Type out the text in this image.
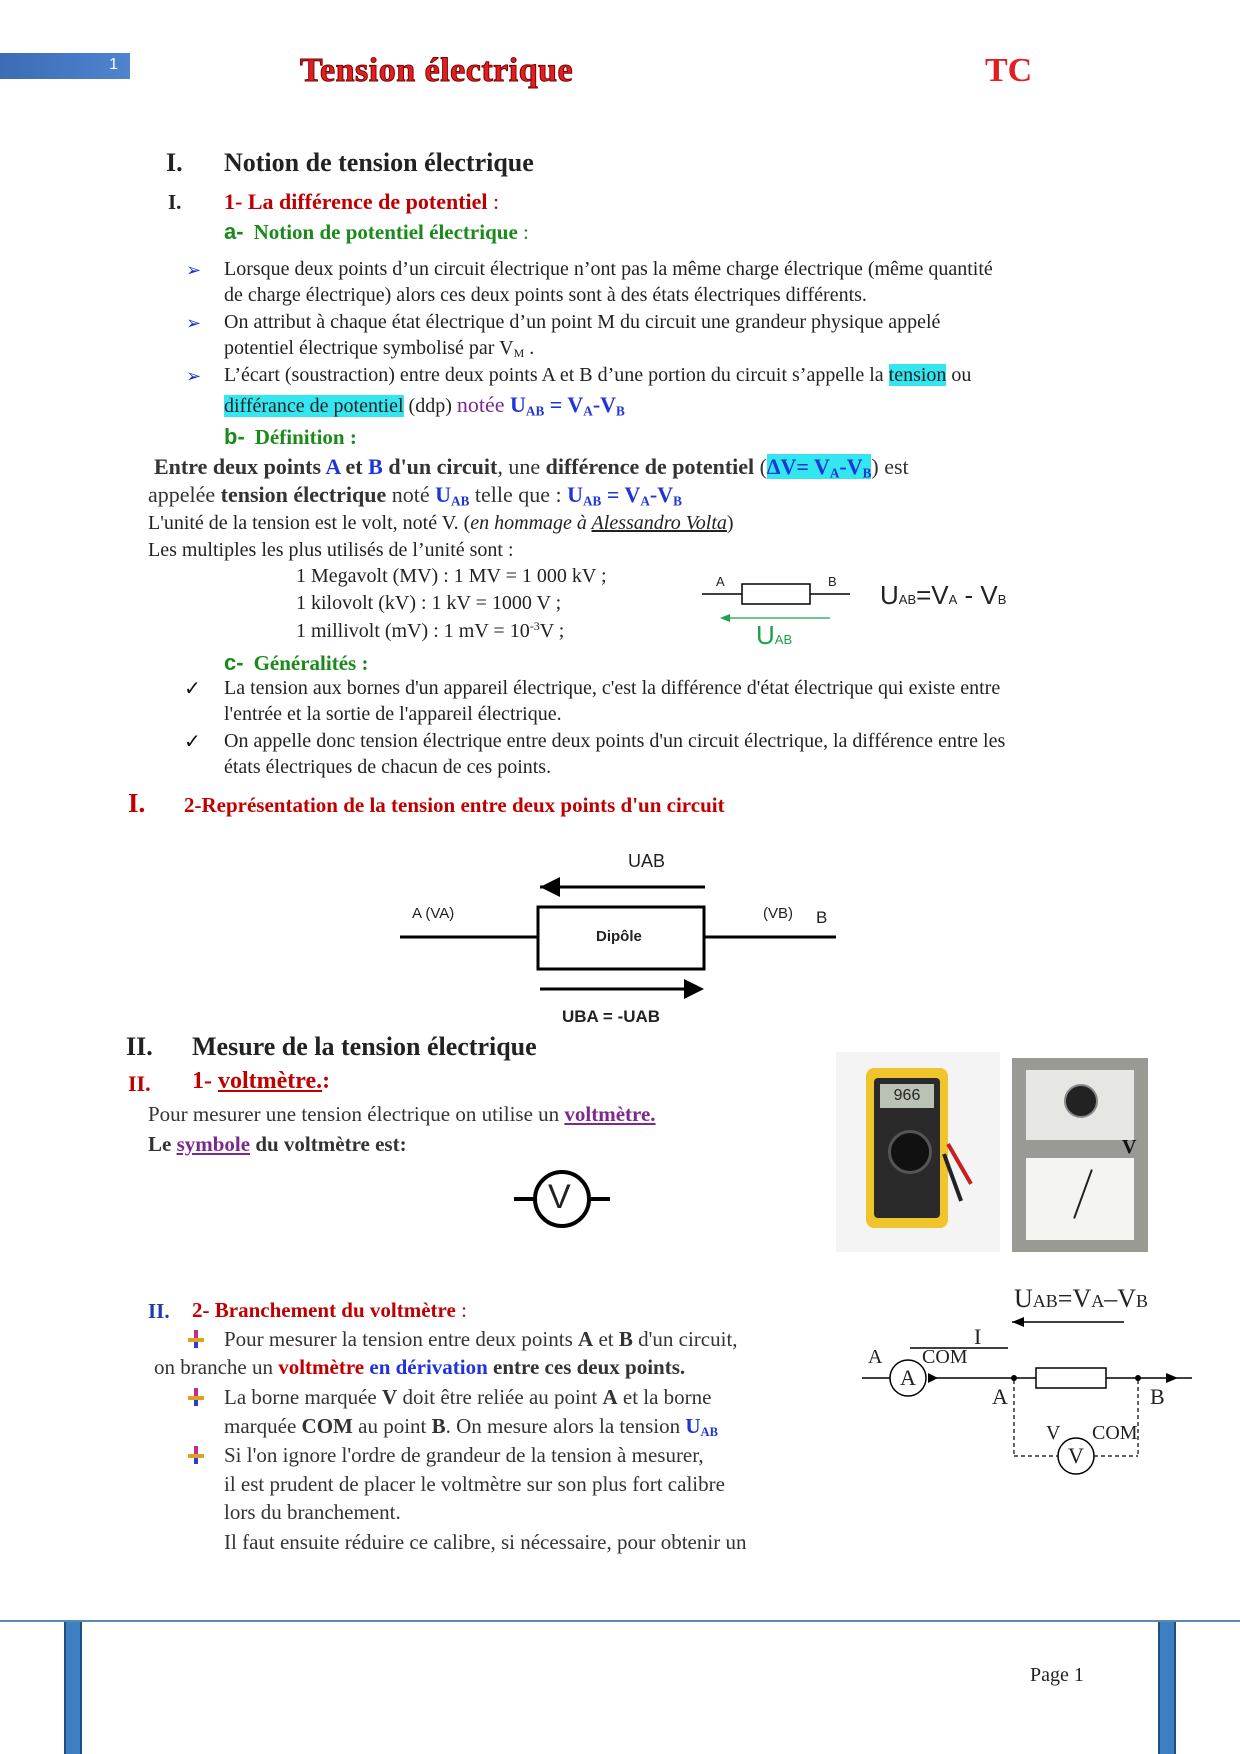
1	Tension électrique	TC
I. Notion de tension électrique
I. 1- La différence de potentiel :
a- Notion de potentiel électrique :
➢ Lorsque deux points d’un circuit électrique n’ont pas la même charge électrique (même quantité
de charge électrique) alors ces deux points sont à des états électriques différents.
➢ On attribut à chaque état électrique d’un point M du circuit une grandeur physique appelé
potentiel électrique symbolisé par $V_M$ .
➢ L’écart (soustraction) entre deux points A et B d’une portion du circuit s’appelle la tension ou
différance de potentiel (ddp) notée $U_{AB} = V_A-V_B$
b- Définition :
Entre deux points A et B d'un circuit, une différence de potentiel $(\Delta V= V_A-V_B)$ est
appelée tension électrique noté $U_{AB}$ telle que : $U_{AB} = V_A-V_B$
L'unité de la tension est le volt, noté V. (en hommage à Alessandro Volta)
Les multiples les plus utilisés de l’unité sont :
1 Megavolt (MV) : 1 MV = 1 000 kV ;
1 kilovolt (kV) : 1 kV = 1000 V ;
1 millivolt (mV) : 1 mV = $10^{-3}V$ ;
A	B
UAB
UAB=VA - VB
c- Généralités :
✓ La tension aux bornes d'un appareil électrique, c'est la différence d'état électrique qui existe entre
l'entrée et la sortie de l'appareil électrique.
✓ On appelle donc tension électrique entre deux points d'un circuit électrique, la différence entre les
états électriques de chacun de ces points.
I. 2-Représentation de la tension entre deux points d'un circuit
UAB
A (VA)	(VB) B
Dipôle
UBA = -UAB
II. Mesure de la tension électrique
II. 1- voltmètre.:
Pour mesurer une tension électrique on utilise un voltmètre.
Le symbole du voltmètre est:
V
966
V
II. 2- Branchement du voltmètre :
Pour mesurer la tension entre deux points A et B d'un circuit,
on branche un voltmètre en dérivation entre ces deux points.
La borne marquée V doit être reliée au point A et la borne
marquée COM au point B. On mesure alors la tension $U_{AB}$
Si l'on ignore l'ordre de grandeur de la tension à mesurer,
il est prudent de placer le voltmètre sur son plus fort calibre
lors du branchement.
Il faut ensuite réduire ce calibre, si nécessaire, pour obtenir un
UAB=VA–VB
I
A
A
COM
A	B
V COM
V
Page 1
